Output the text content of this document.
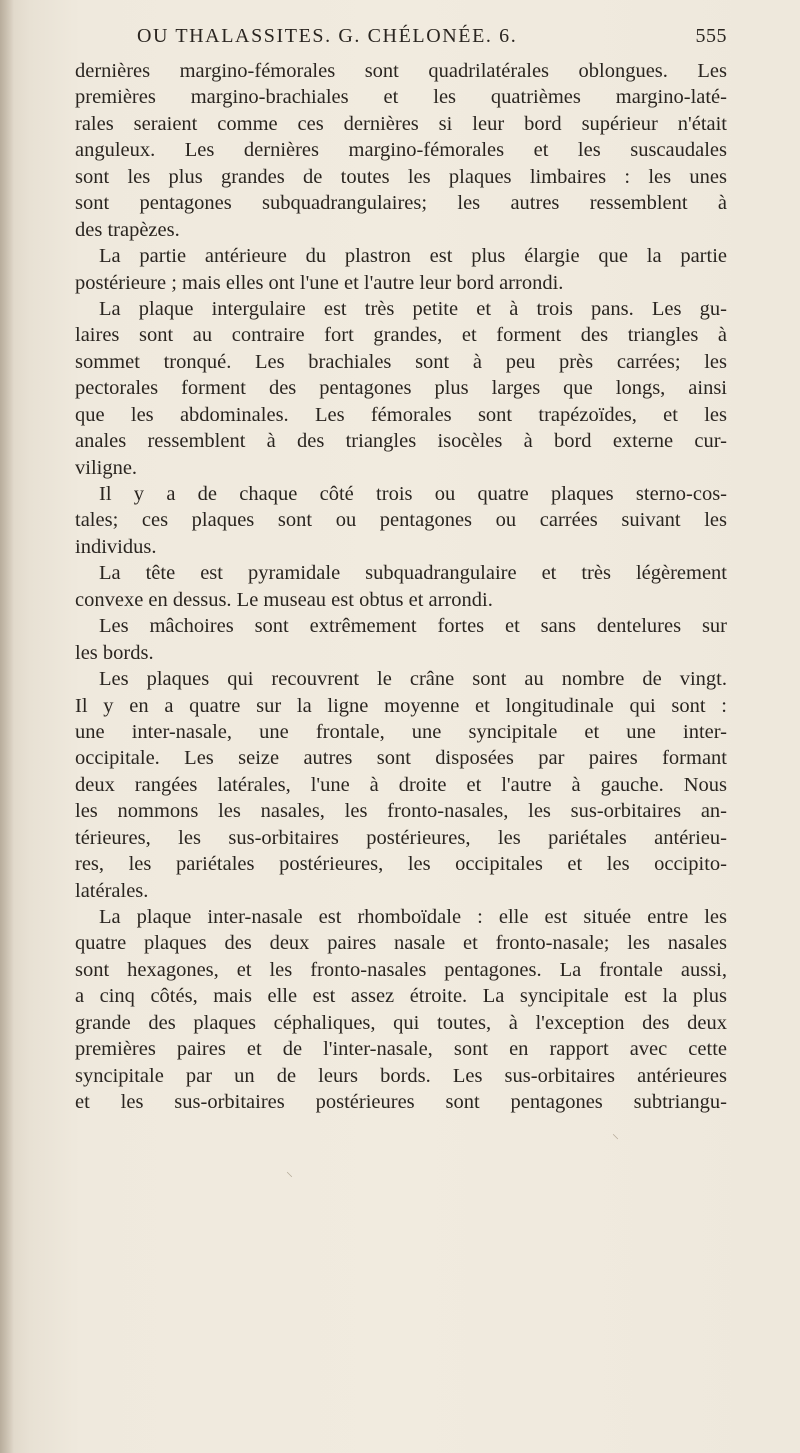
OU THALASSITES. G. CHÉLONÉE. 6.	555
dernières margino-fémorales sont quadrilatérales oblongues. Les
premières margino-brachiales et les quatrièmes margino-laté-
rales seraient comme ces dernières si leur bord supérieur n'était
anguleux. Les dernières margino-fémorales et les suscaudales
sont les plus grandes de toutes les plaques limbaires : les unes
sont pentagones subquadrangulaires; les autres ressemblent à
des trapèzes.
La partie antérieure du plastron est plus élargie que la partie
postérieure ; mais elles ont l'une et l'autre leur bord arrondi.
La plaque intergulaire est très petite et à trois pans. Les gu-
laires sont au contraire fort grandes, et forment des triangles à
sommet tronqué. Les brachiales sont à peu près carrées; les
pectorales forment des pentagones plus larges que longs, ainsi
que les abdominales. Les fémorales sont trapézoïdes, et les
anales ressemblent à des triangles isocèles à bord externe cur-
viligne.
Il y a de chaque côté trois ou quatre plaques sterno-cos-
tales; ces plaques sont ou pentagones ou carrées suivant les
individus.
La tête est pyramidale subquadrangulaire et très légèrement
convexe en dessus. Le museau est obtus et arrondi.
Les mâchoires sont extrêmement fortes et sans dentelures sur
les bords.
Les plaques qui recouvrent le crâne sont au nombre de vingt.
Il y en a quatre sur la ligne moyenne et longitudinale qui sont :
une inter-nasale, une frontale, une syncipitale et une inter-
occipitale. Les seize autres sont disposées par paires formant
deux rangées latérales, l'une à droite et l'autre à gauche. Nous
les nommons les nasales, les fronto-nasales, les sus-orbitaires an-
térieures, les sus-orbitaires postérieures, les pariétales antérieu-
res, les pariétales postérieures, les occipitales et les occipito-
latérales.
La plaque inter-nasale est rhomboïdale : elle est située entre les
quatre plaques des deux paires nasale et fronto-nasale; les nasales
sont hexagones, et les fronto-nasales pentagones. La frontale aussi,
a cinq côtés, mais elle est assez étroite. La syncipitale est la plus
grande des plaques céphaliques, qui toutes, à l'exception des deux
premières paires et de l'inter-nasale, sont en rapport avec cette
syncipitale par un de leurs bords. Les sus-orbitaires antérieures
et les sus-orbitaires postérieures sont pentagones subtriangu-
⸌
⸜
